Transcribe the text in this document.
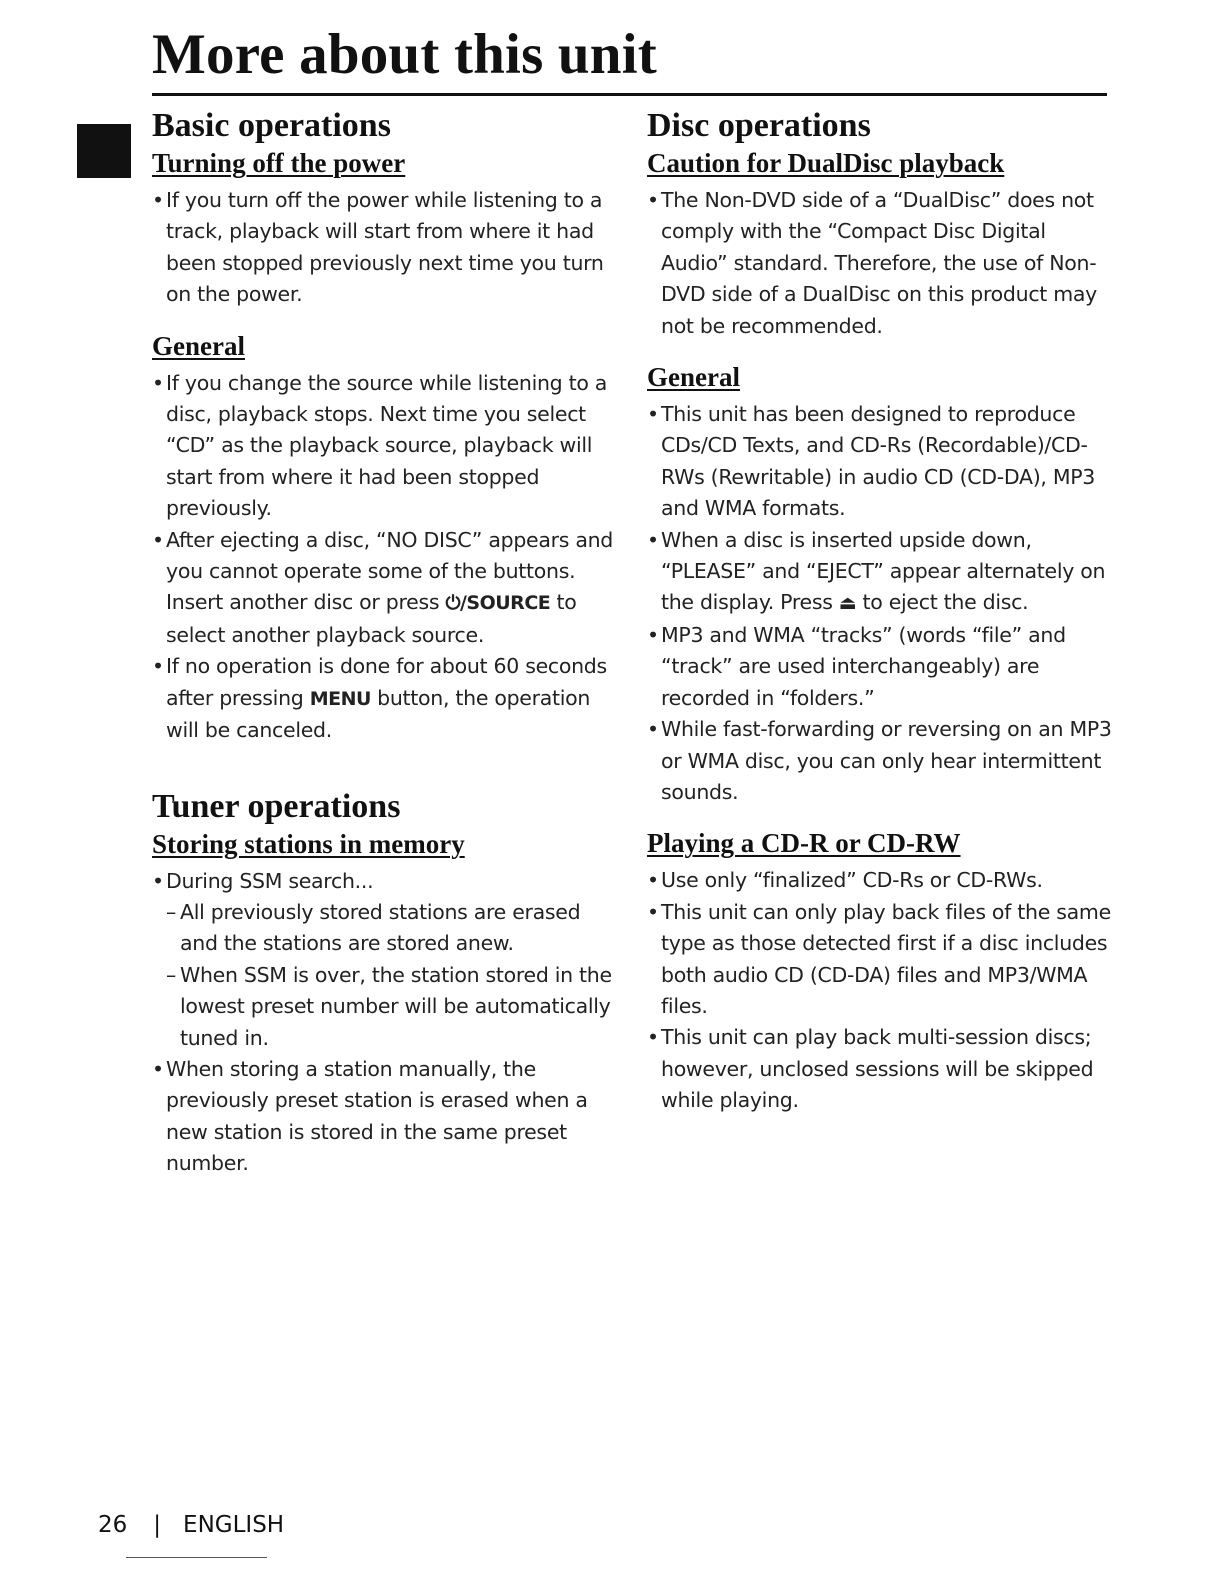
More about this unit
Basic operations
Turning off the power
• If you turn off the power while listening to a track, playback will start from where it had been stopped previously next time you turn on the power.
General
• If you change the source while listening to a disc, playback stops. Next time you select “CD” as the playback source, playback will start from where it had been stopped previously.
• After ejecting a disc, “NO DISC” appears and you cannot operate some of the buttons. Insert another disc or press ⏻/SOURCE to select another playback source.
• If no operation is done for about 60 seconds after pressing MENU button, the operation will be canceled.
Tuner operations
Storing stations in memory
• During SSM search...
– All previously stored stations are erased and the stations are stored anew.
– When SSM is over, the station stored in the lowest preset number will be automatically tuned in.
• When storing a station manually, the previously preset station is erased when a new station is stored in the same preset number.
Disc operations
Caution for DualDisc playback
• The Non-DVD side of a “DualDisc” does not comply with the “Compact Disc Digital Audio” standard. Therefore, the use of Non-DVD side of a DualDisc on this product may not be recommended.
General
• This unit has been designed to reproduce CDs/CD Texts, and CD-Rs (Recordable)/CD-RWs (Rewritable) in audio CD (CD-DA), MP3 and WMA formats.
• When a disc is inserted upside down, “PLEASE” and “EJECT” appear alternately on the display. Press ⏏ to eject the disc.
• MP3 and WMA “tracks” (words “file” and “track” are used interchangeably) are recorded in “folders.”
• While fast-forwarding or reversing on an MP3 or WMA disc, you can only hear intermittent sounds.
Playing a CD-R or CD-RW
• Use only “finalized” CD-Rs or CD-RWs.
• This unit can only play back files of the same type as those detected first if a disc includes both audio CD (CD-DA) files and MP3/WMA files.
• This unit can play back multi-session discs; however, unclosed sessions will be skipped while playing.
26 | ENGLISH
